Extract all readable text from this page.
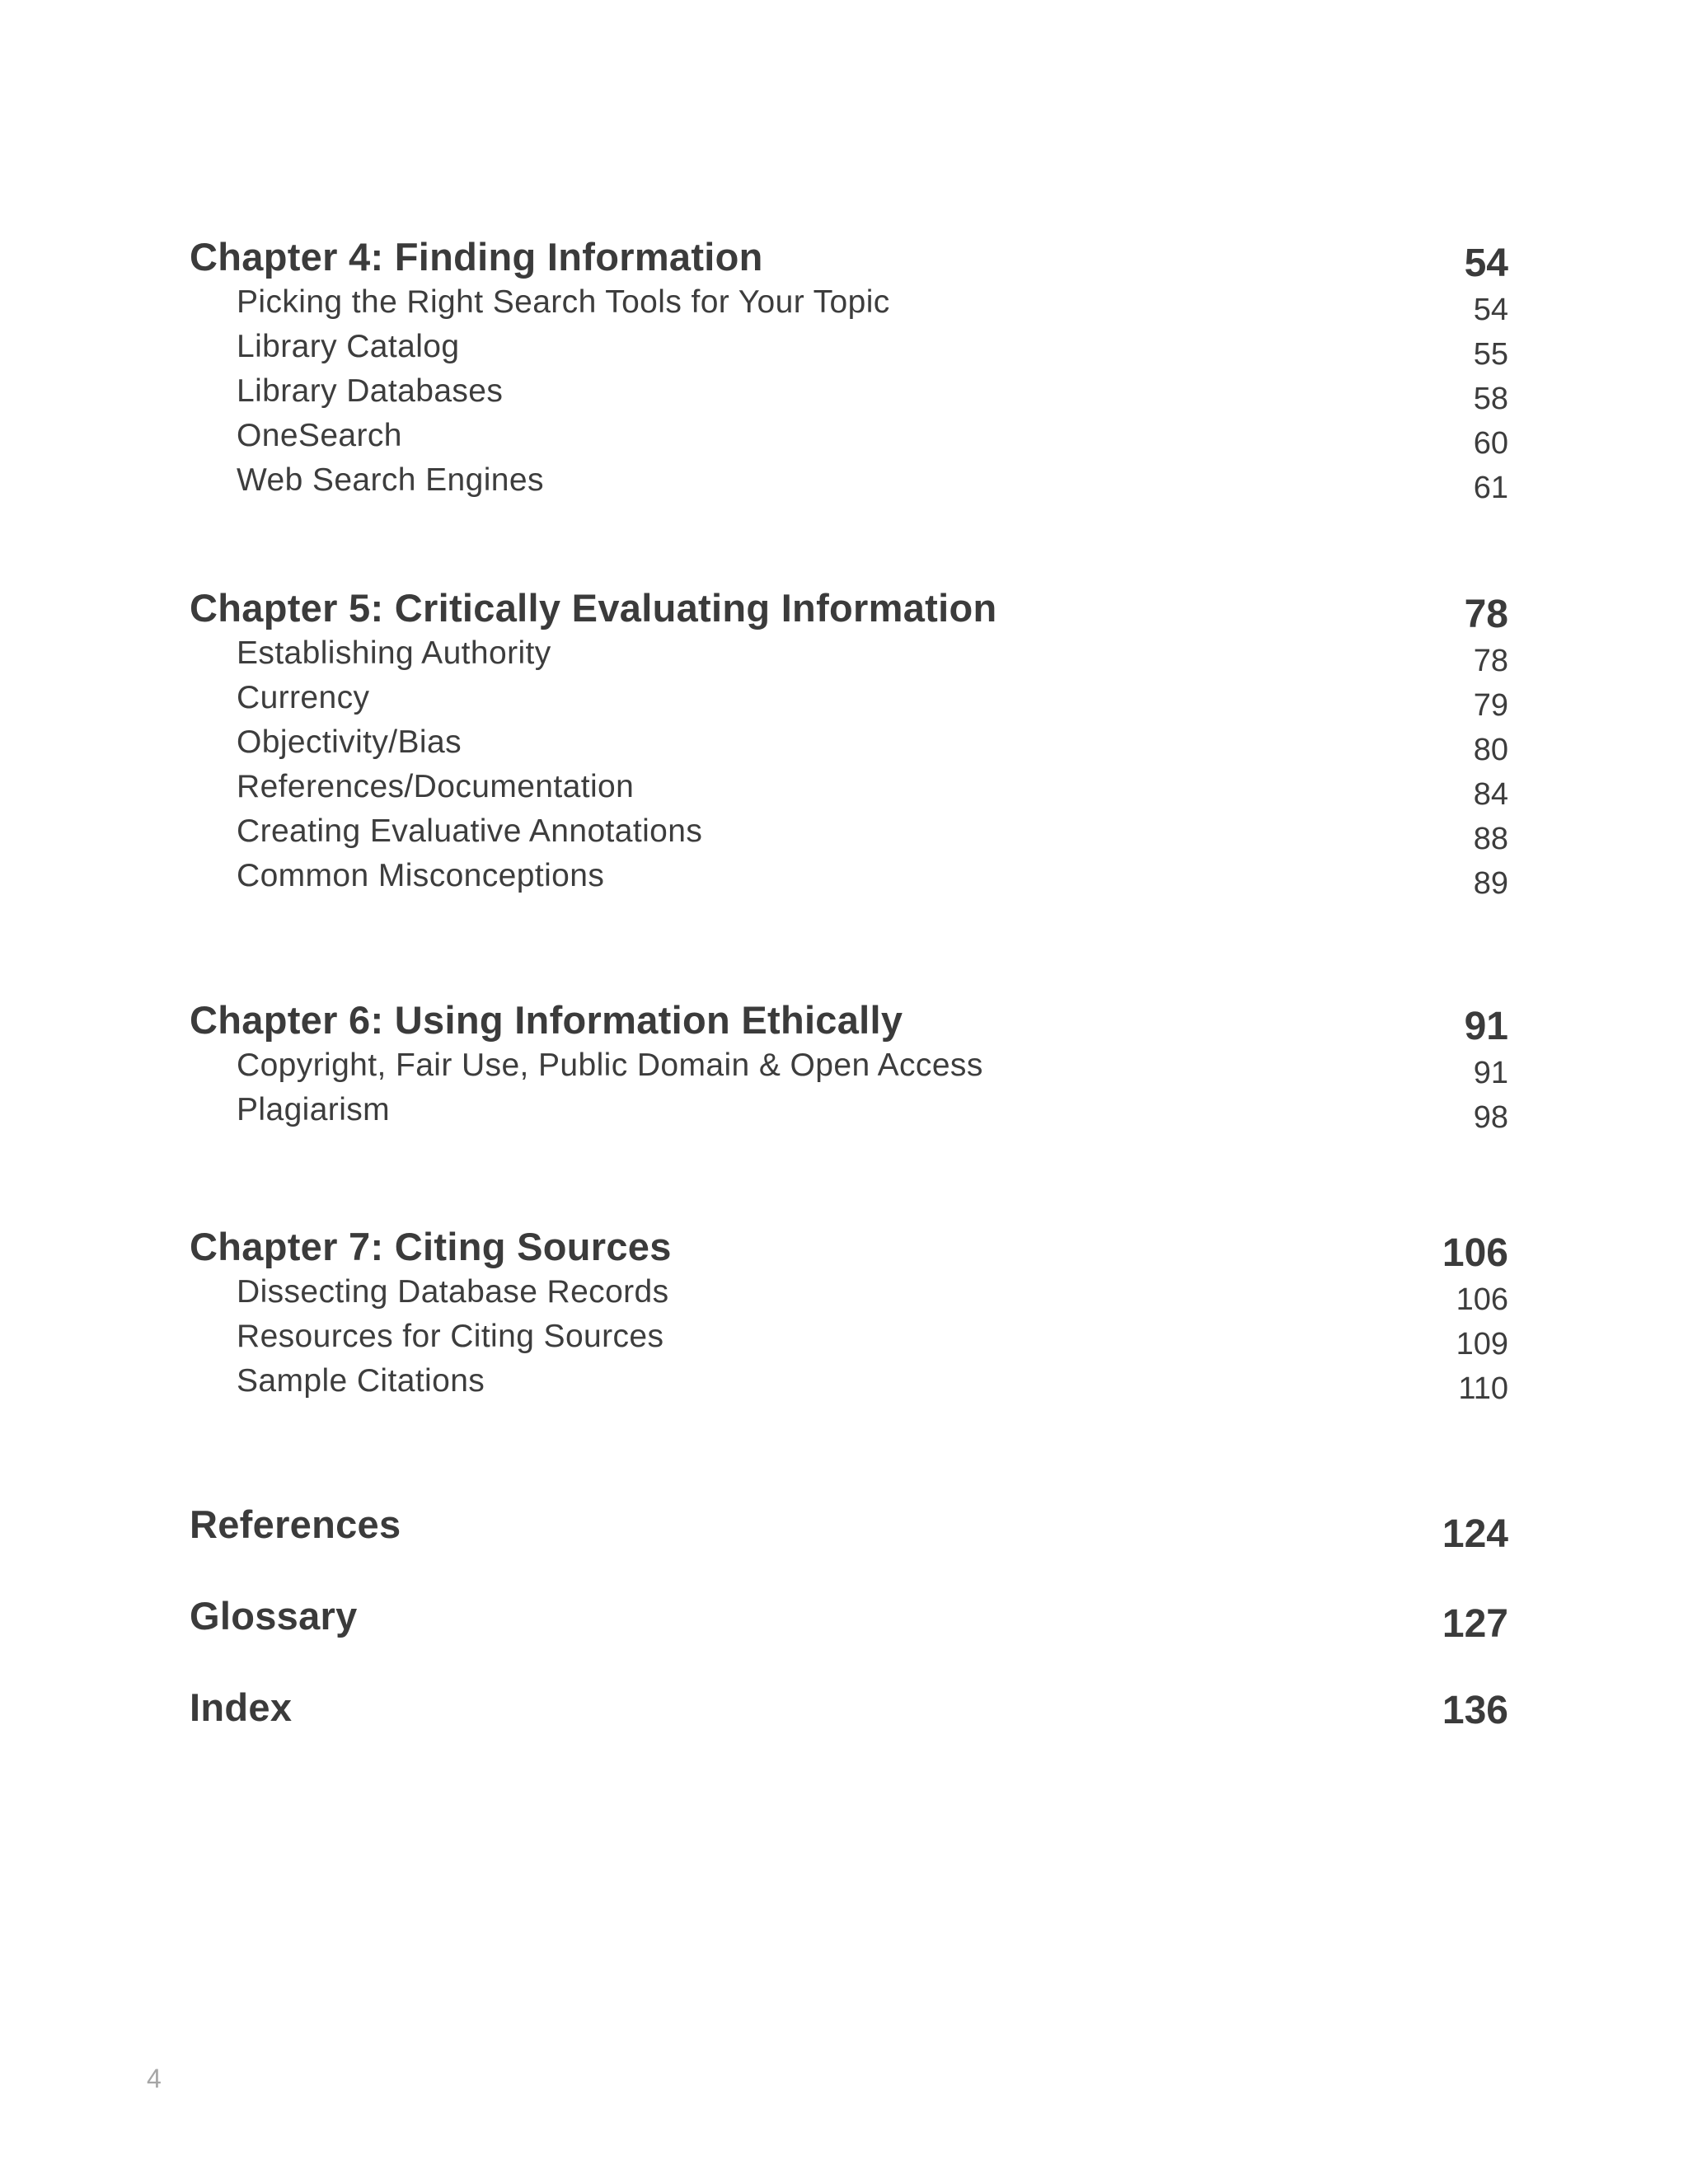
Chapter 4: Finding Information	54
Picking the Right Search Tools for Your Topic	54
Library Catalog	55
Library Databases	58
OneSearch	60
Web Search Engines	61
Chapter 5: Critically Evaluating Information	78
Establishing Authority	78
Currency	79
Objectivity/Bias	80
References/Documentation	84
Creating Evaluative Annotations	88
Common Misconceptions	89
Chapter 6: Using Information Ethically	91
Copyright, Fair Use, Public Domain & Open Access	91
Plagiarism	98
Chapter 7: Citing Sources	106
Dissecting Database Records	106
Resources for Citing Sources	109
Sample Citations	110
References	124
Glossary	127
Index	136
4
